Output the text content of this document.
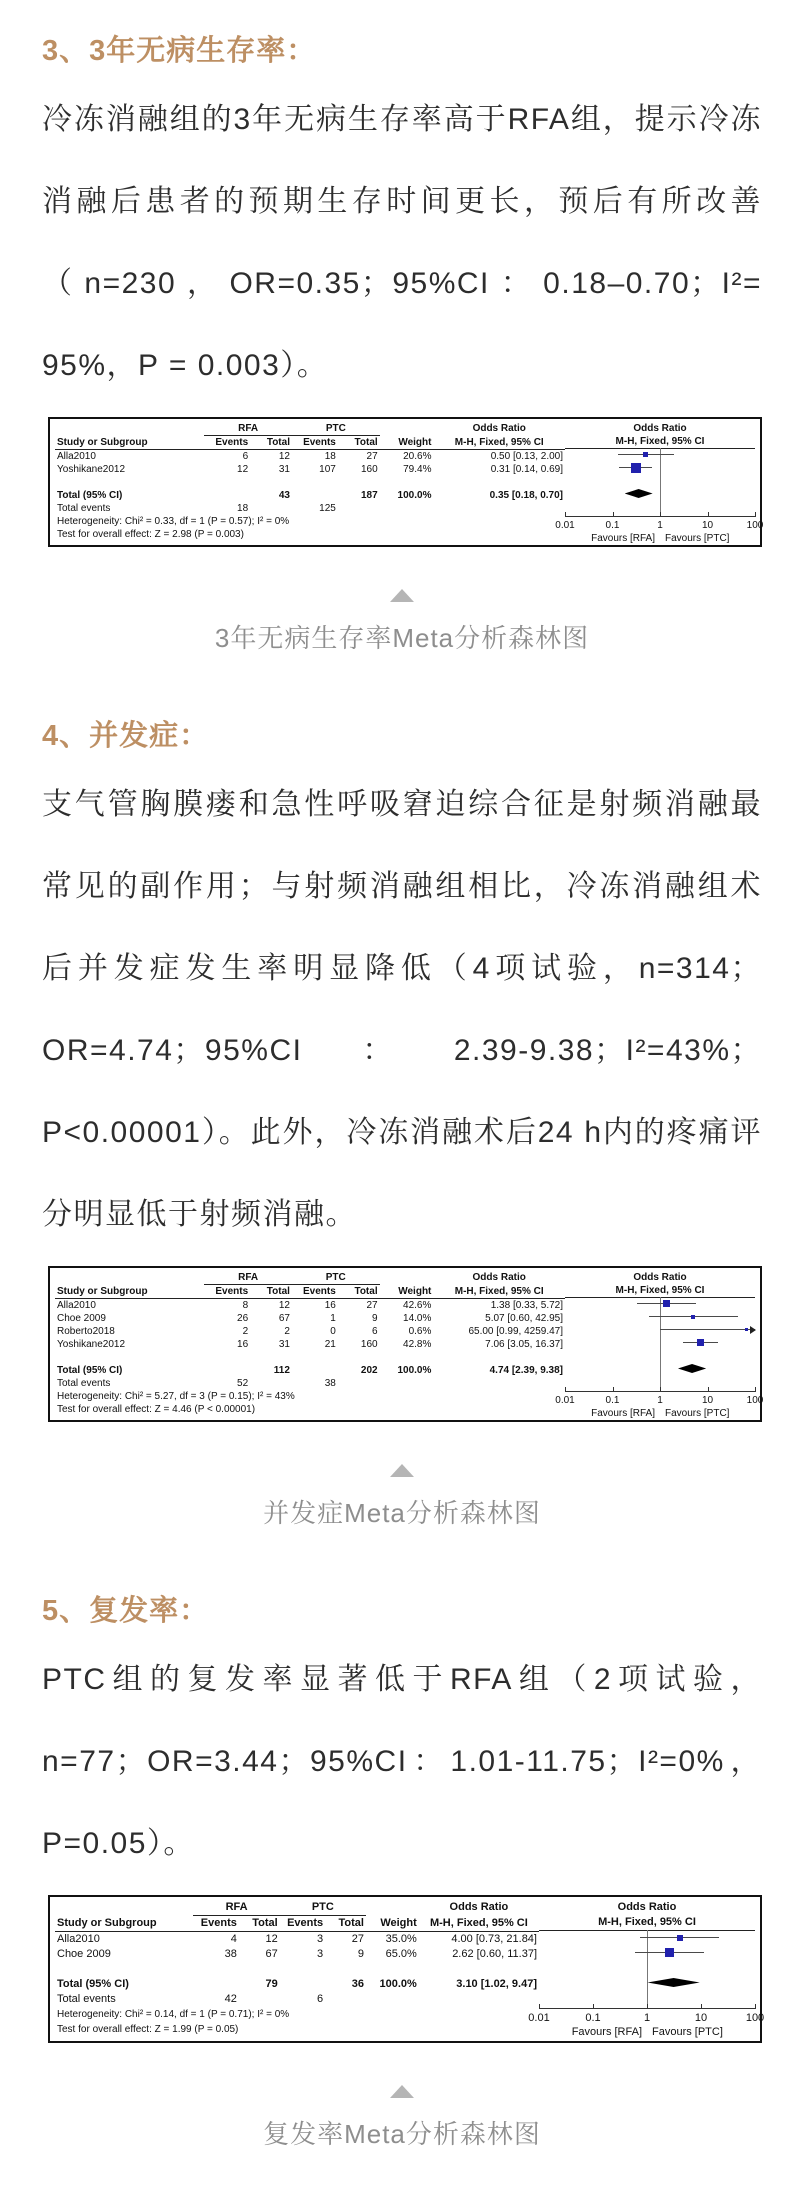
3、3年无病生存率：

冷冻消融组的3年无病生存率高于RFA组，提示冷冻消融后患者的预期生存时间更长，预后有所改善（n=230，OR=0.35；95%CI：0.18–0.70；I²= 95%，P = 0.003）。

	RFA		PTC			Odds Ratio
Study or Subgroup	Events	Total	Events	Total	Weight	M-H, Fixed, 95% CI
Alla2010	6	12	18	27	20.6%	0.50 [0.13, 2.00]
Yoshikane2012	12	31	107	160	79.4%	0.31 [0.14, 0.69]

Total (95% CI)		43		187	100.0%	0.35 [0.18, 0.70]
Total events	18		125			
Heterogeneity: Chi² = 0.33, df = 1 (P = 0.57); I² = 0%						
Test for overall effect: Z = 2.98 (P = 0.003)						
Odds Ratio
M-H, Fixed, 95% CI
0.01	0.1	1	10	100
Favours [RFA]	Favours [PTC]
3年无病生存率Meta分析森林图
4、并发症：

支气管胸膜瘘和急性呼吸窘迫综合征是射频消融最常见的副作用；与射频消融组相比，冷冻消融组术后并发症发生率明显降低（4项试验，n=314；OR=4.74；95%CI：2.39-9.38；I²=43%；P<0.00001）。此外，冷冻消融术后24 h内的疼痛评分明显低于射频消融。

	RFA		PTC			Odds Ratio
Study or Subgroup	Events	Total	Events	Total	Weight	M-H, Fixed, 95% CI
Alla2010	8	12	16	27	42.6%	1.38 [0.33, 5.72]
Choe 2009	26	67	1	9	14.0%	5.07 [0.60, 42.95]
Roberto2018	2	2	0	6	0.6%	65.00 [0.99, 4259.47]
Yoshikane2012	16	31	21	160	42.8%	7.06 [3.05, 16.37]

Total (95% CI)		112		202	100.0%	4.74 [2.39, 9.38]
Total events	52		38			
Heterogeneity: Chi² = 5.27, df = 3 (P = 0.15); I² = 43%						
Test for overall effect: Z = 4.46 (P < 0.00001)						
Odds Ratio
M-H, Fixed, 95% CI
0.01	0.1	1	10	100
Favours [RFA]	Favours [PTC]
并发症Meta分析森林图
5、复发率：

PTC组的复发率显著低于RFA组（2项试验，n=77；OR=3.44；95%CI：1.01-11.75；I²=0%，P=0.05）。

	RFA		PTC			Odds Ratio
Study or Subgroup	Events	Total	Events	Total	Weight	M-H, Fixed, 95% CI
Alla2010	4	12	3	27	35.0%	4.00 [0.73, 21.84]
Choe 2009	38	67	3	9	65.0%	2.62 [0.60, 11.37]

Total (95% CI)		79		36	100.0%	3.10 [1.02, 9.47]
Total events	42		6			
Heterogeneity: Chi² = 0.14, df = 1 (P = 0.71); I² = 0%						
Test for overall effect: Z = 1.99 (P = 0.05)						
Odds Ratio
M-H, Fixed, 95% CI
0.01	0.1	1	10	100
Favours [RFA] Favours [PTC]
复发率Meta分析森林图
